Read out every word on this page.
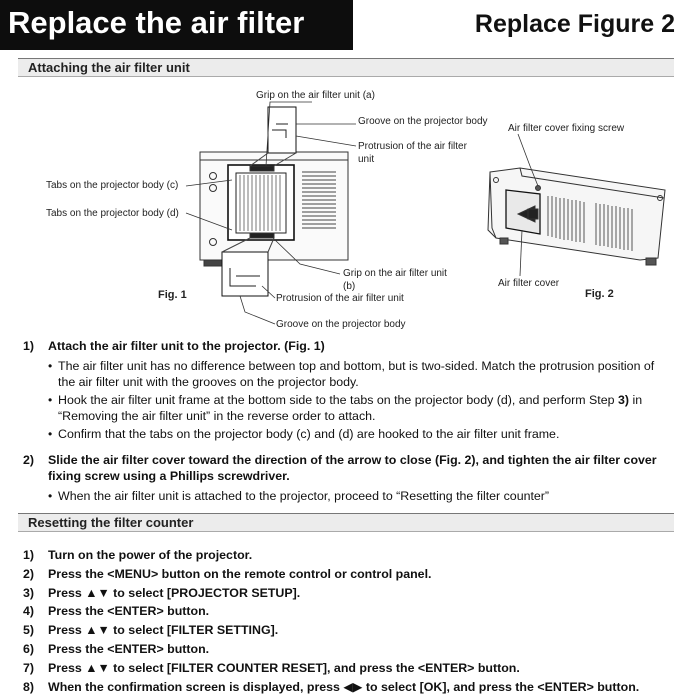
Replace the air filter	Replace Figure 2
Attaching the air filter unit
Grip on the air filter unit (a)
Groove on the projector body
Protrusion of the air filter
unit
Tabs on the projector body (c)
Tabs on the projector body (d)
Grip on the air filter unit
(b)
Protrusion of the air filter unit
Groove on the projector body
Fig. 1
Air filter cover fixing screw
Air filter cover
Fig. 2
1) Attach the air filter unit to the projector. (Fig. 1)
• The air filter unit has no difference between top and bottom, but is two-sided. Match the protrusion position of the air filter unit with the grooves on the projector body.
• Hook the air filter unit frame at the bottom side to the tabs on the projector body (d), and perform Step 3) in “Removing the air filter unit” in the reverse order to attach.
• Confirm that the tabs on the projector body (c) and (d) are hooked to the air filter unit frame.
2) Slide the air filter cover toward the direction of the arrow to close (Fig. 2), and tighten the air filter cover fixing screw using a Phillips screwdriver.
• When the air filter unit is attached to the projector, proceed to “Resetting the filter counter”
Resetting the filter counter
1) Turn on the power of the projector.
2) Press the <MENU> button on the remote control or control panel.
3) Press ▲▼ to select [PROJECTOR SETUP].
4) Press the <ENTER> button.
5) Press ▲▼ to select [FILTER SETTING].
6) Press the <ENTER> button.
7) Press ▲▼ to select [FILTER COUNTER RESET], and press the <ENTER> button.
8) When the confirmation screen is displayed, press ◀▶ to select [OK], and press the <ENTER> button.
